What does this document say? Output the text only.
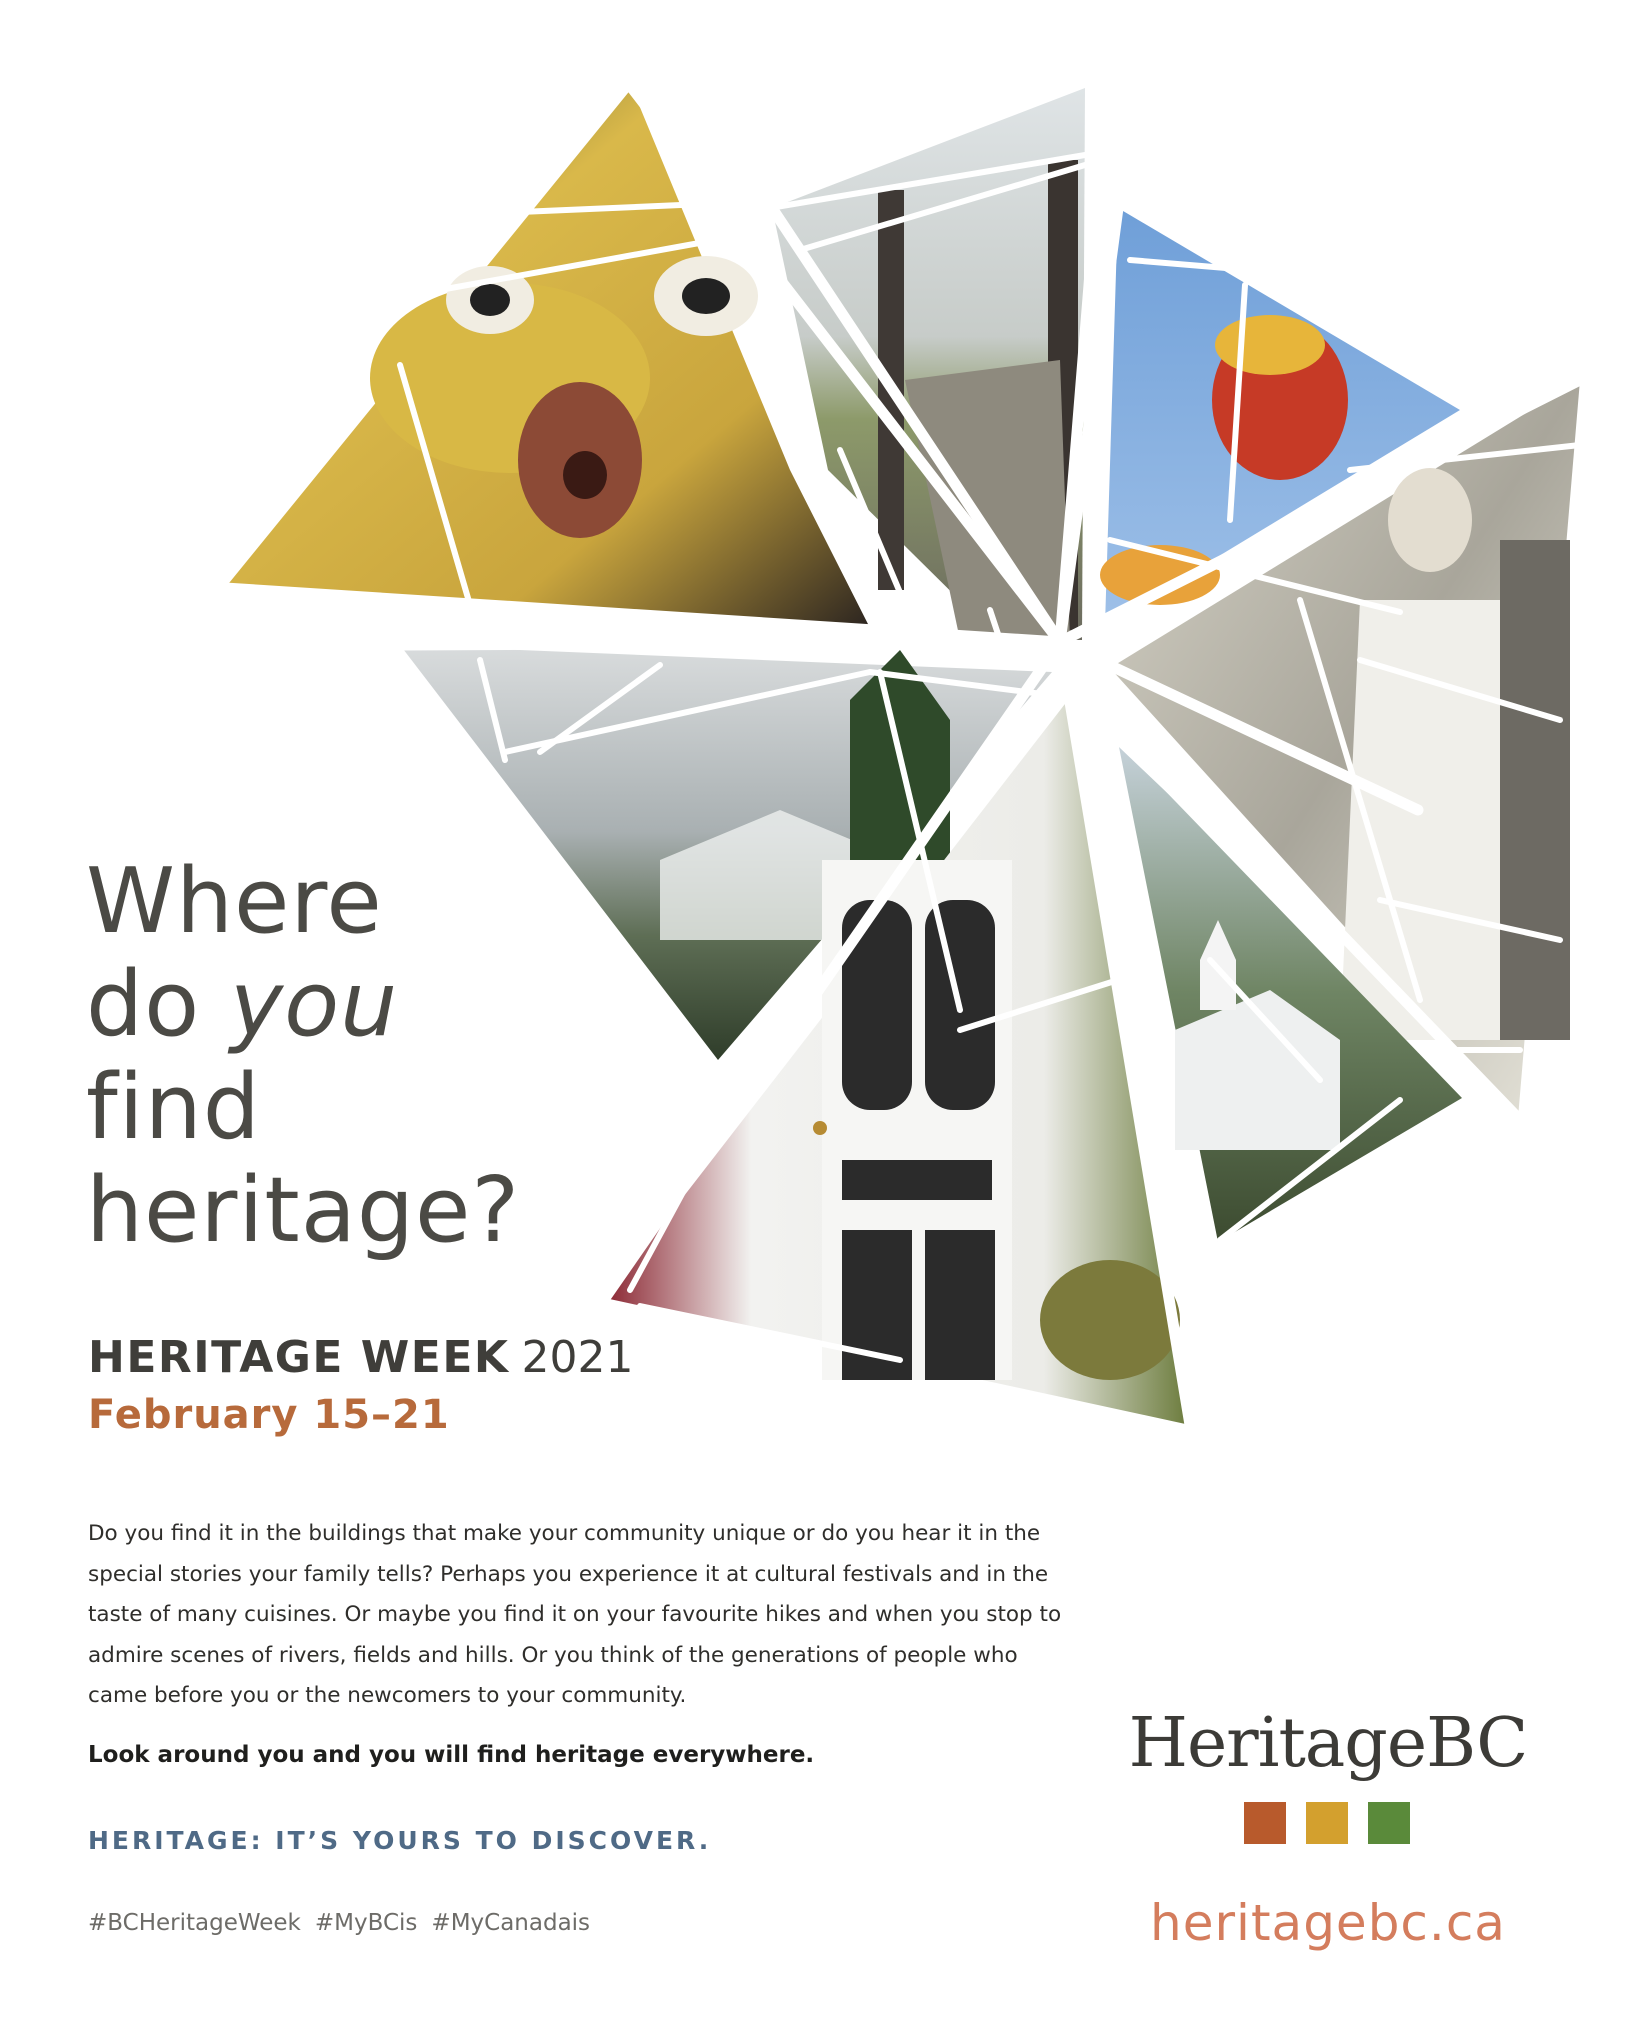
Where
do you
find
heritage?
HERITAGE WEEK 2021
February 15–21

Do you find it in the buildings that make your community unique or do you hear it in the special stories your family tells? Perhaps you experience it at cultural festivals and in the taste of many cuisines. Or maybe you find it on your favourite hikes and when you stop to admire scenes of rivers, fields and hills. Or you think of the generations of people who came before you or the newcomers to your community.

Look around you and you will find heritage everywhere.

HERITAGE: IT’S YOURS TO DISCOVER.

#BCHeritageWeek #MyBCis #MyCanadais
HeritageBC
heritagebc.ca
